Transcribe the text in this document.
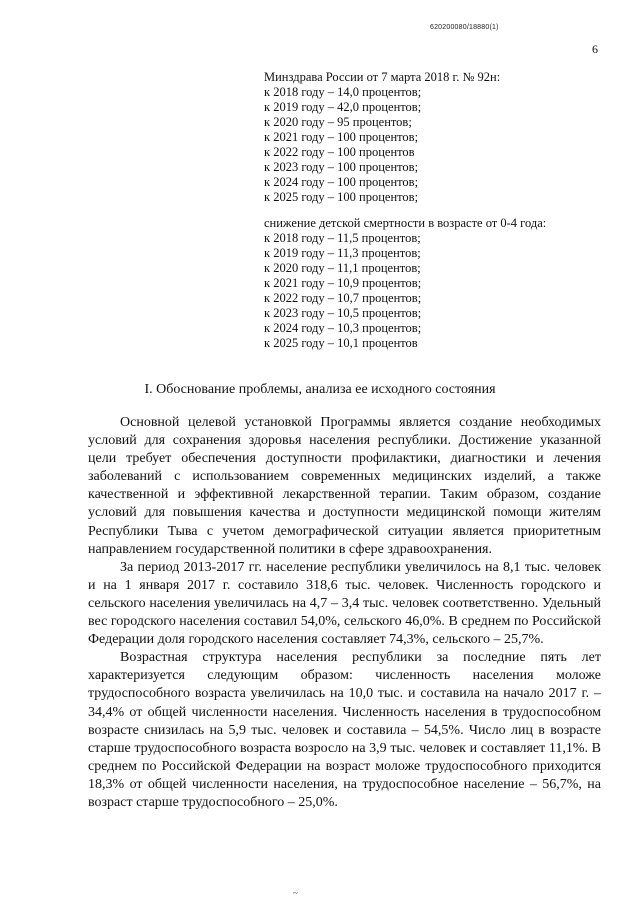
620200080/18880(1)
6
Минздрава России от 7 марта 2018 г. № 92н:
к 2018 году – 14,0 процентов;
к 2019 году – 42,0 процентов;
к 2020 году – 95 процентов;
к 2021 году – 100 процентов;
к 2022 году – 100 процентов
к 2023 году – 100 процентов;
к 2024 году – 100 процентов;
к 2025 году – 100 процентов;
снижение детской смертности в возрасте от 0-4 года:
к 2018 году – 11,5 процентов;
к 2019 году – 11,3 процентов;
к 2020 году – 11,1 процентов;
к 2021 году – 10,9 процентов;
к 2022 году – 10,7 процентов;
к 2023 году – 10,5 процентов;
к 2024 году – 10,3 процентов;
к 2025 году – 10,1 процентов
I. Обоснование проблемы, анализа ее исходного состояния

Основной целевой установкой Программы является создание необходимых условий для сохранения здоровья населения республики. Достижение указанной цели требует обеспечения доступности профилактики, диагностики и лечения заболеваний с использованием современных медицинских изделий, а также качественной и эффективной лекарственной терапии. Таким образом, создание условий для повышения качества и доступности медицинской помощи жителям Республики Тыва с учетом демографической ситуации является приоритетным направлением государственной политики в сфере здравоохранения.

За период 2013-2017 гг. население республики увеличилось на 8,1 тыс. человек и на 1 января 2017 г. составило 318,6 тыс. человек. Численность городского и сельского населения увеличилась на 4,7 – 3,4 тыс. человек соответственно. Удельный вес городского населения составил 54,0%, сельского 46,0%. В среднем по Российской Федерации доля городского населения составляет 74,3%, сельского – 25,7%.

Возрастная структура населения республики за последние пять лет характеризуется следующим образом: численность населения моложе трудоспособного возраста увеличилась на 10,0 тыс. и составила на начало 2017 г. – 34,4% от общей численности населения. Численность населения в трудоспособном возрасте снизилась на 5,9 тыс. человек и составила – 54,5%. Число лиц в возрасте старше трудоспособного возраста возросло на 3,9 тыс. человек и составляет 11,1%. В среднем по Российской Федерации на возраст моложе трудоспособного приходится 18,3% от общей численности населения, на трудоспособное население – 56,7%, на возраст старше трудоспособного – 25,0%.

~
